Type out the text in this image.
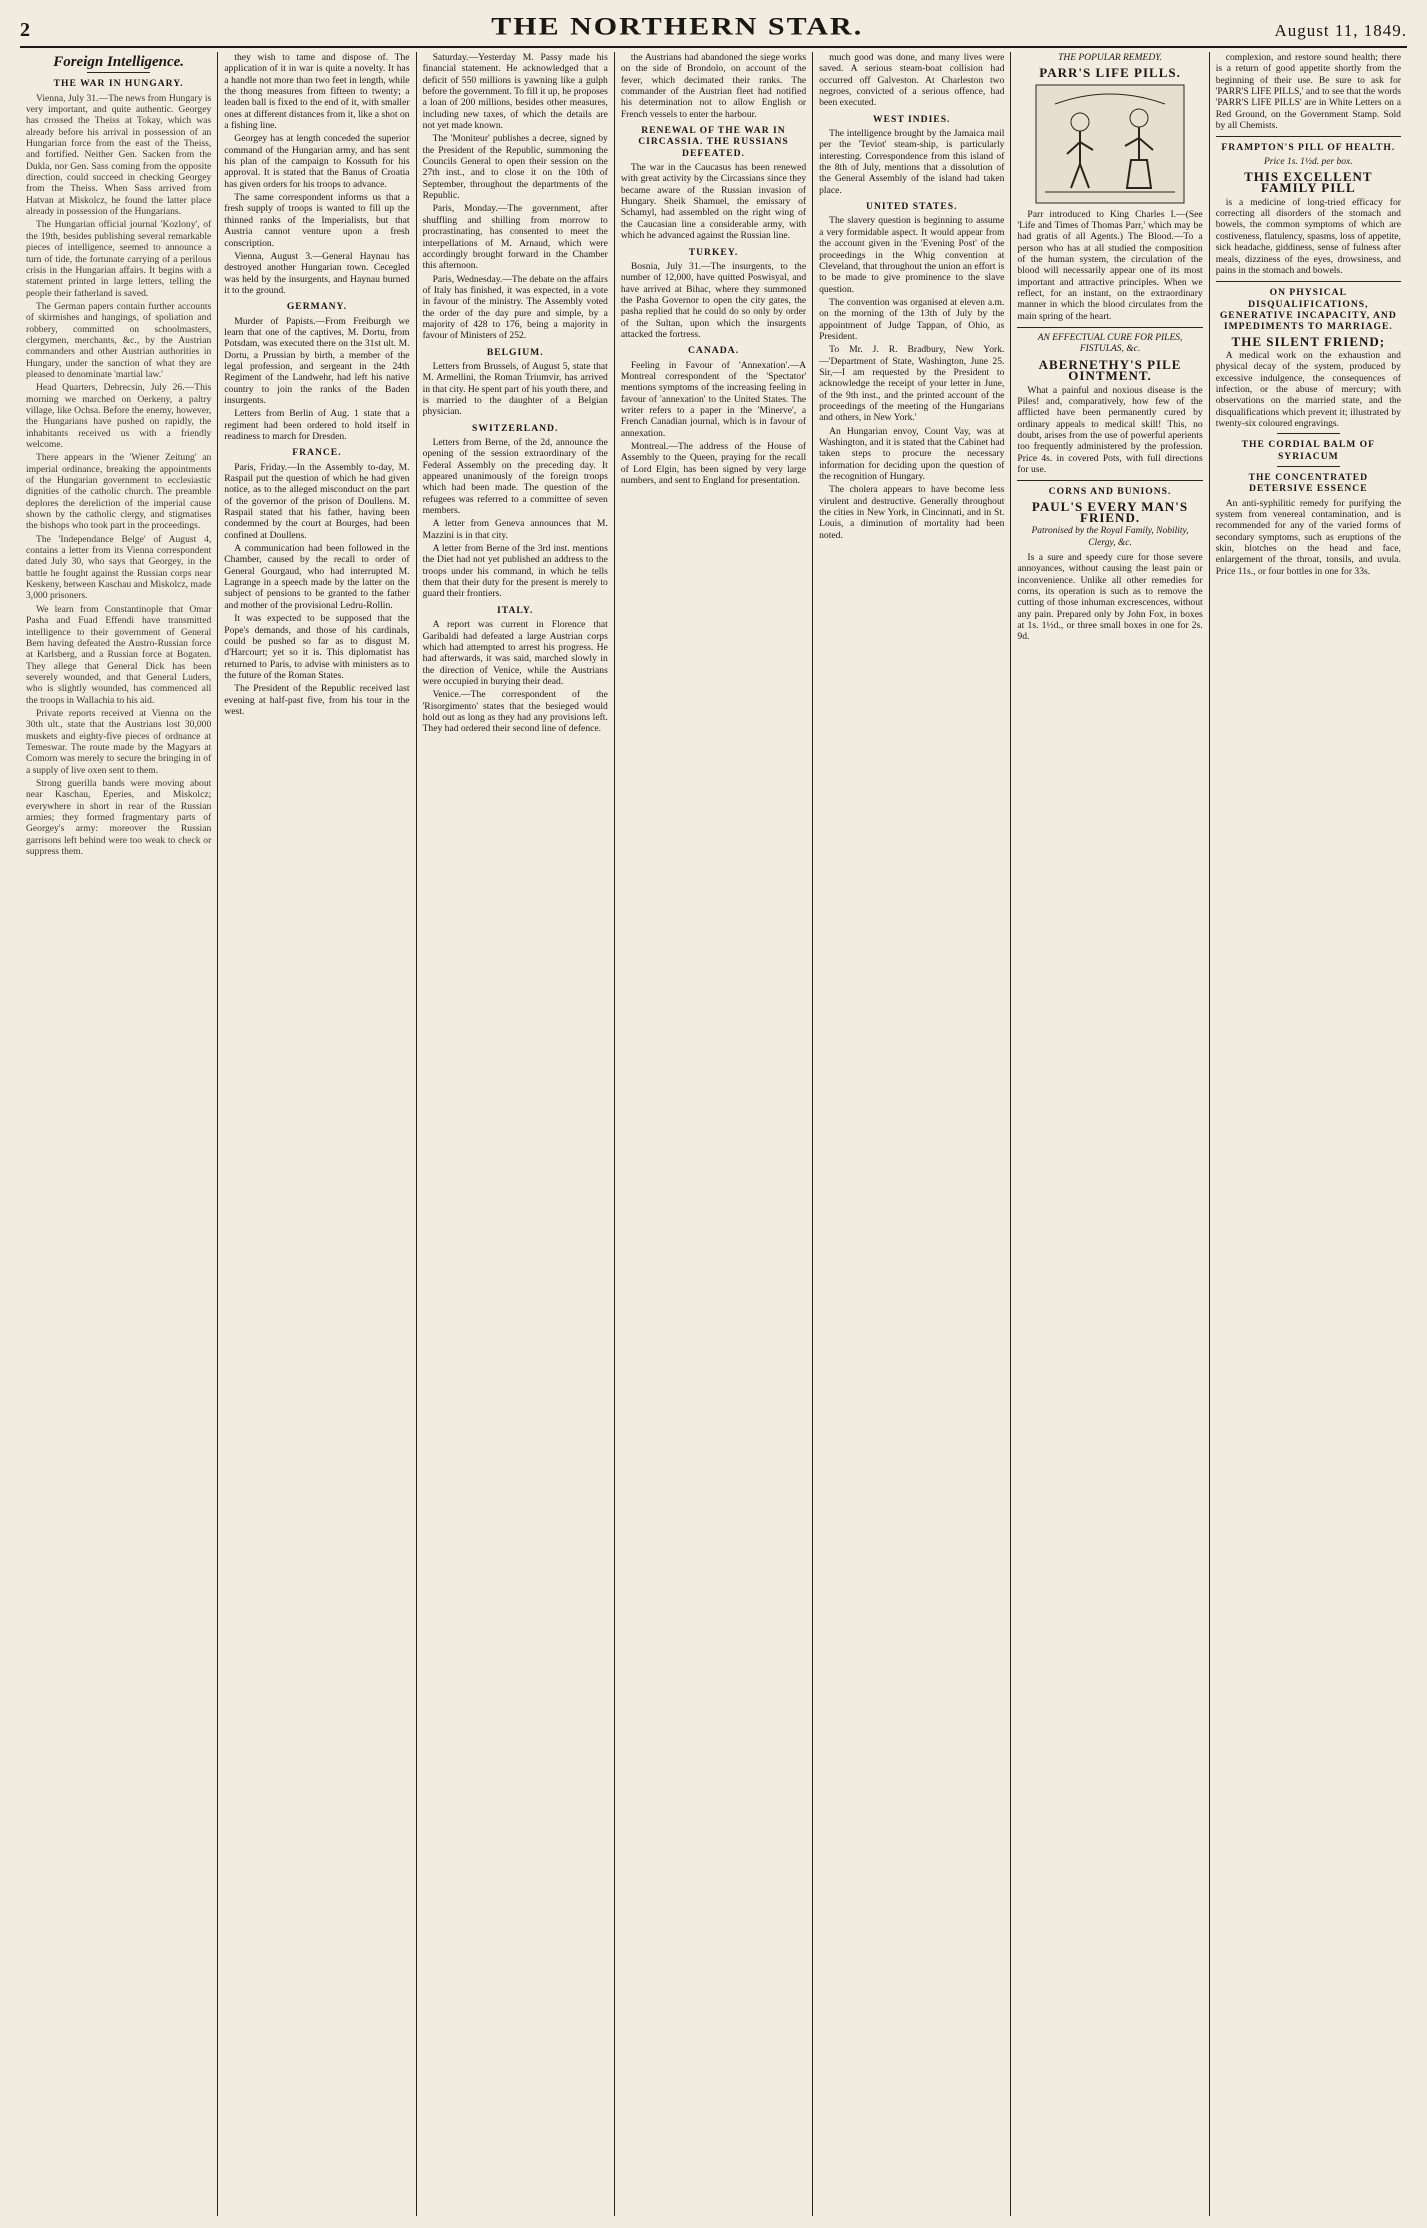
2	THE NORTHERN STAR.	August 11, 1849.
Foreign Intelligence.
THE WAR IN HUNGARY.

Vienna, July 31.—The news from Hungary is very important, and quite authentic. Georgey has crossed the Theiss at Tokay, which was already before his arrival in possession of an Hungarian force from the east of the Theiss, and fortified. Neither Gen. Sacken from the Dukla, nor Gen. Sass coming from the opposite direction, could succeed in checking Georgey from the Theiss. When Sass arrived from Hatvan at Miskolcz, he found the latter place already in possession of the Hungarians.

The Hungarian official journal 'Kozlony', of the 19th, besides publishing several remarkable pieces of intelligence, seemed to announce a turn of tide, the fortunate carrying of a perilous crisis in the Hungarian affairs. It begins with a statement printed in large letters, telling the people their fatherland is saved.

The German papers contain further accounts of skirmishes and hangings, of spoliation and robbery, committed on schoolmasters, clergymen, merchants, &c., by the Austrian commanders and other Austrian authorities in Hungary, under the sanction of what they are pleased to denominate 'martial law.'

Head Quarters, Debrecsin, July 26.—This morning we marched on Oerkeny, a paltry village, like Ochsa. Before the enemy, however, the Hungarians have pushed on rapidly, the inhabitants received us with a friendly welcome.

There appears in the 'Wiener Zeitung' an imperial ordinance, breaking the appointments of the Hungarian government to ecclesiastic dignities of the catholic church. The preamble deplores the dereliction of the imperial cause shown by the catholic clergy, and stigmatises the bishops who took part in the proceedings.

The 'Independance Belge' of August 4, contains a letter from its Vienna correspondent dated July 30, who says that Georgey, in the battle he fought against the Russian corps near Keskeny, between Kaschau and Miskolcz, made 3,000 prisoners.

We learn from Constantinople that Omar Pasha and Fuad Effendi have transmitted intelligence to their government of General Bem having defeated the Austro-Russian force at Karlsberg, and a Russian force at Bogaten. They allege that General Dick has been severely wounded, and that General Luders, who is slightly wounded, has commenced all the troops in Wallachia to his aid.

Private reports received at Vienna on the 30th ult., state that the Austrians lost 30,000 muskets and eighty-five pieces of ordnance at Temeswar. The route made by the Magyars at Comorn was merely to secure the bringing in of a supply of live oxen sent to them.

Strong guerilla bands were moving about near Kaschau, Eperies, and Miskolcz; everywhere in short in rear of the Russian armies; they formed fragmentary parts of Georgey's army: moreover the Russian garrisons left behind were too weak to check or suppress them.

they wish to tame and dispose of. The application of it in war is quite a novelty. It has a handle not more than two feet in length, while the thong measures from fifteen to twenty; a leaden ball is fixed to the end of it, with smaller ones at different distances from it, like a shot on a fishing line.

Georgey has at length conceded the superior command of the Hungarian army, and has sent his plan of the campaign to Kossuth for his approval. It is stated that the Banus of Croatia has given orders for his troops to advance.

The same correspondent informs us that a fresh supply of troops is wanted to fill up the thinned ranks of the Imperialists, but that Austria cannot venture upon a fresh conscription.

Vienna, August 3.—General Haynau has destroyed another Hungarian town. Cecegled was held by the insurgents, and Haynau burned it to the ground.

GERMANY.

Murder of Papists.—From Freiburgh we learn that one of the captives, M. Dortu, from Potsdam, was executed there on the 31st ult. M. Dortu, a Prussian by birth, a member of the legal profession, and sergeant in the 24th Regiment of the Landwehr, had left his native country to join the ranks of the Baden insurgents.

Letters from Berlin of Aug. 1 state that a regiment had been ordered to hold itself in readiness to march for Dresden.

FRANCE.

Paris, Friday.—In the Assembly to-day, M. Raspail put the question of which he had given notice, as to the alleged misconduct on the part of the governor of the prison of Doullens. M. Raspail stated that his father, having been condemned by the court at Bourges, had been confined at Doullens.

A communication had been followed in the Chamber, caused by the recall to order of General Gourgaud, who had interrupted M. Lagrange in a speech made by the latter on the subject of pensions to be granted to the father and mother of the provisional Ledru-Rollin.

It was expected to be supposed that the Pope's demands, and those of his cardinals, could be pushed so far as to disgust M. d'Harcourt; yet so it is. This diplomatist has returned to Paris, to advise with ministers as to the future of the Roman States.

The President of the Republic received last evening at half-past five, from his tour in the west.

Saturday.—Yesterday M. Passy made his financial statement. He acknowledged that a deficit of 550 millions is yawning like a gulph before the government. To fill it up, he proposes a loan of 200 millions, besides other measures, including new taxes, of which the details are not yet made known.

The 'Moniteur' publishes a decree, signed by the President of the Republic, summoning the Councils General to open their session on the 27th inst., and to close it on the 10th of September, throughout the departments of the Republic.

Paris, Monday.—The government, after shuffling and shilling from morrow to procrastinating, has consented to meet the interpellations of M. Arnaud, which were accordingly brought forward in the Chamber this afternoon.

Paris, Wednesday.—The debate on the affairs of Italy has finished, it was expected, in a vote in favour of the ministry. The Assembly voted the order of the day pure and simple, by a majority of 428 to 176, being a majority in favour of Ministers of 252.

BELGIUM.

Letters from Brussels, of August 5, state that M. Armellini, the Roman Triumvir, has arrived in that city. He spent part of his youth there, and is married to the daughter of a Belgian physician.

SWITZERLAND.

Letters from Berne, of the 2d, announce the opening of the session extraordinary of the Federal Assembly on the preceding day. It appeared unanimously of the foreign troops which had been made. The question of the refugees was referred to a committee of seven members.

A letter from Geneva announces that M. Mazzini is in that city.

A letter from Berne of the 3rd inst. mentions the Diet had not yet published an address to the troops under his command, in which he tells them that their duty for the present is merely to guard their frontiers.

ITALY.

A report was current in Florence that Garibaldi had defeated a large Austrian corps which had attempted to arrest his progress. He had afterwards, it was said, marched slowly in the direction of Venice, while the Austrians were occupied in burying their dead.

Venice.—The correspondent of the 'Risorgimento' states that the besieged would hold out as long as they had any provisions left. They had ordered their second line of defence.

the Austrians had abandoned the siege works on the side of Brondolo, on account of the fever, which decimated their ranks. The commander of the Austrian fleet had notified his determination not to allow English or French vessels to enter the harbour.

RENEWAL OF THE WAR IN CIRCASSIA. THE RUSSIANS DEFEATED.

The war in the Caucasus has been renewed with great activity by the Circassians since they became aware of the Russian invasion of Hungary. Sheik Shamuel, the emissary of Schamyl, had assembled on the right wing of the Caucasian line a considerable army, with which he advanced against the Russian line.

TURKEY.

Bosnia, July 31.—The insurgents, to the number of 12,000, have quitted Poswisyal, and have arrived at Bihac, where they summoned the Pasha Governor to open the city gates, the pasha replied that he could do so only by order of the Sultan, upon which the insurgents attacked the fortress.

CANADA.

Feeling in Favour of 'Annexation'.—A Montreal correspondent of the 'Spectator' mentions symptoms of the increasing feeling in favour of 'annexation' to the United States. The writer refers to a paper in the 'Minerve', a French Canadian journal, which is in favour of annexation.

Montreal.—The address of the House of Assembly to the Queen, praying for the recall of Lord Elgin, has been signed by very large numbers, and sent to England for presentation.

much good was done, and many lives were saved. A serious steam-boat collision had occurred off Galveston. At Charleston two negroes, convicted of a serious offence, had been executed.

WEST INDIES.

The intelligence brought by the Jamaica mail per the 'Teviot' steam-ship, is particularly interesting. Correspondence from this island of the 8th of July, mentions that a dissolution of the General Assembly of the island had taken place.

UNITED STATES.

The slavery question is beginning to assume a very formidable aspect. It would appear from the account given in the 'Evening Post' of the proceedings in the Whig convention at Cleveland, that throughout the union an effort is to be made to give prominence to the slave question.

The convention was organised at eleven a.m. on the morning of the 13th of July by the appointment of Judge Tappan, of Ohio, as President.

To Mr. J. R. Bradbury, New York.—'Department of State, Washington, June 25. Sir,—I am requested by the President to acknowledge the receipt of your letter in June, of the 9th inst., and the printed account of the proceedings of the meeting of the Hungarians and others, in New York.'

An Hungarian envoy, Count Vay, was at Washington, and it is stated that the Cabinet had taken steps to procure the necessary information for deciding upon the question of the recognition of Hungary.

The cholera appears to have become less virulent and destructive. Generally throughout the cities in New York, in Cincinnati, and in St. Louis, a diminution of mortality had been noted.

THE POPULAR REMEDY.
PARR'S LIFE PILLS.

Parr introduced to King Charles I.—(See 'Life and Times of Thomas Parr,' which may be had gratis of all Agents.) The Blood.—To a person who has at all studied the composition of the human system, the circulation of the blood will necessarily appear one of its most important and attractive principles. When we reflect, for an instant, on the extraordinary manner in which the blood circulates from the main spring of the heart.

AN EFFECTUAL CURE FOR PILES, FISTULAS, &c.
ABERNETHY'S PILE OINTMENT.

What a painful and noxious disease is the Piles! and, comparatively, how few of the afflicted have been permanently cured by ordinary appeals to medical skill! This, no doubt, arises from the use of powerful aperients too frequently administered by the profession. Price 4s. in covered Pots, with full directions for use.

CORNS AND BUNIONS.
PAUL'S EVERY MAN'S FRIEND.
Patronised by the Royal Family, Nobility, Clergy, &c.

Is a sure and speedy cure for those severe annoyances, without causing the least pain or inconvenience. Unlike all other remedies for corns, its operation is such as to remove the cutting of those inhuman excrescences, without any pain. Prepared only by John Fox, in boxes at 1s. 1½d., or three small boxes in one for 2s. 9d.

complexion, and restore sound health; there is a return of good appetite shortly from the beginning of their use. Be sure to ask for 'PARR'S LIFE PILLS,' and to see that the words 'PARR'S LIFE PILLS' are in White Letters on a Red Ground, on the Government Stamp. Sold by all Chemists.

FRAMPTON'S PILL OF HEALTH.
Price 1s. 1½d. per box.
THIS EXCELLENT FAMILY PILL

is a medicine of long-tried efficacy for correcting all disorders of the stomach and bowels, the common symptoms of which are costiveness, flatulency, spasms, loss of appetite, sick headache, giddiness, sense of fulness after meals, dizziness of the eyes, drowsiness, and pains in the stomach and bowels.

ON PHYSICAL DISQUALIFICATIONS, GENERATIVE INCAPACITY, AND IMPEDIMENTS TO MARRIAGE.
THE SILENT FRIEND;

A medical work on the exhaustion and physical decay of the system, produced by excessive indulgence, the consequences of infection, or the abuse of mercury; with observations on the married state, and the disqualifications which prevent it; illustrated by twenty-six coloured engravings.

THE CORDIAL BALM OF SYRIACUM
THE CONCENTRATED DETERSIVE ESSENCE

An anti-syphilitic remedy for purifying the system from venereal contamination, and is recommended for any of the varied forms of secondary symptoms, such as eruptions of the skin, blotches on the head and face, enlargement of the throat, tonsils, and uvula. Price 11s., or four bottles in one for 33s.
